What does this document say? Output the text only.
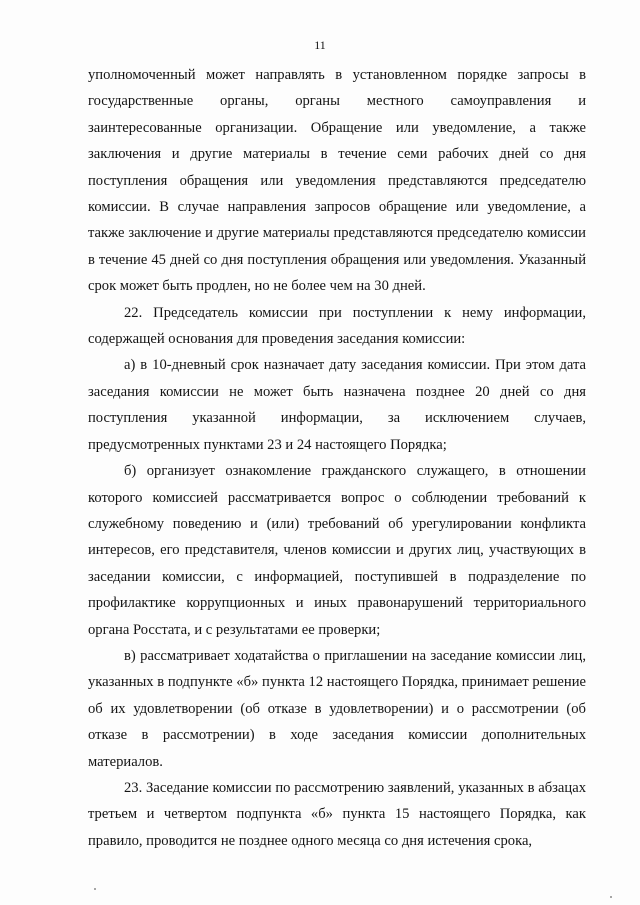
11

уполномоченный может направлять в установленном порядке запросы в государственные органы, органы местного самоуправления и заинтересованные организации. Обращение или уведомление, а также заключения и другие материалы в течение семи рабочих дней со дня поступления обращения или уведомления представляются председателю комиссии. В случае направления запросов обращение или уведомление, а также заключение и другие материалы представляются председателю комиссии в течение 45 дней со дня поступления обращения или уведомления. Указанный срок может быть продлен, но не более чем на 30 дней.

22. Председатель комиссии при поступлении к нему информации, содержащей основания для проведения заседания комиссии:

а) в 10-дневный срок назначает дату заседания комиссии. При этом дата заседания комиссии не может быть назначена позднее 20 дней со дня поступления указанной информации, за исключением случаев, предусмотренных пунктами 23 и 24 настоящего Порядка;

б) организует ознакомление гражданского служащего, в отношении которого комиссией рассматривается вопрос о соблюдении требований к служебному поведению и (или) требований об урегулировании конфликта интересов, его представителя, членов комиссии и других лиц, участвующих в заседании комиссии, с информацией, поступившей в подразделение по профилактике коррупционных и иных правонарушений территориального органа Росстата, и с результатами ее проверки;

в) рассматривает ходатайства о приглашении на заседание комиссии лиц, указанных в подпункте «б» пункта 12 настоящего Порядка, принимает решение об их удовлетворении (об отказе в удовлетворении) и о рассмотрении (об отказе в рассмотрении) в ходе заседания комиссии дополнительных материалов.

23. Заседание комиссии по рассмотрению заявлений, указанных в абзацах третьем и четвертом подпункта «б» пункта 15 настоящего Порядка, как правило, проводится не позднее одного месяца со дня истечения срока,
